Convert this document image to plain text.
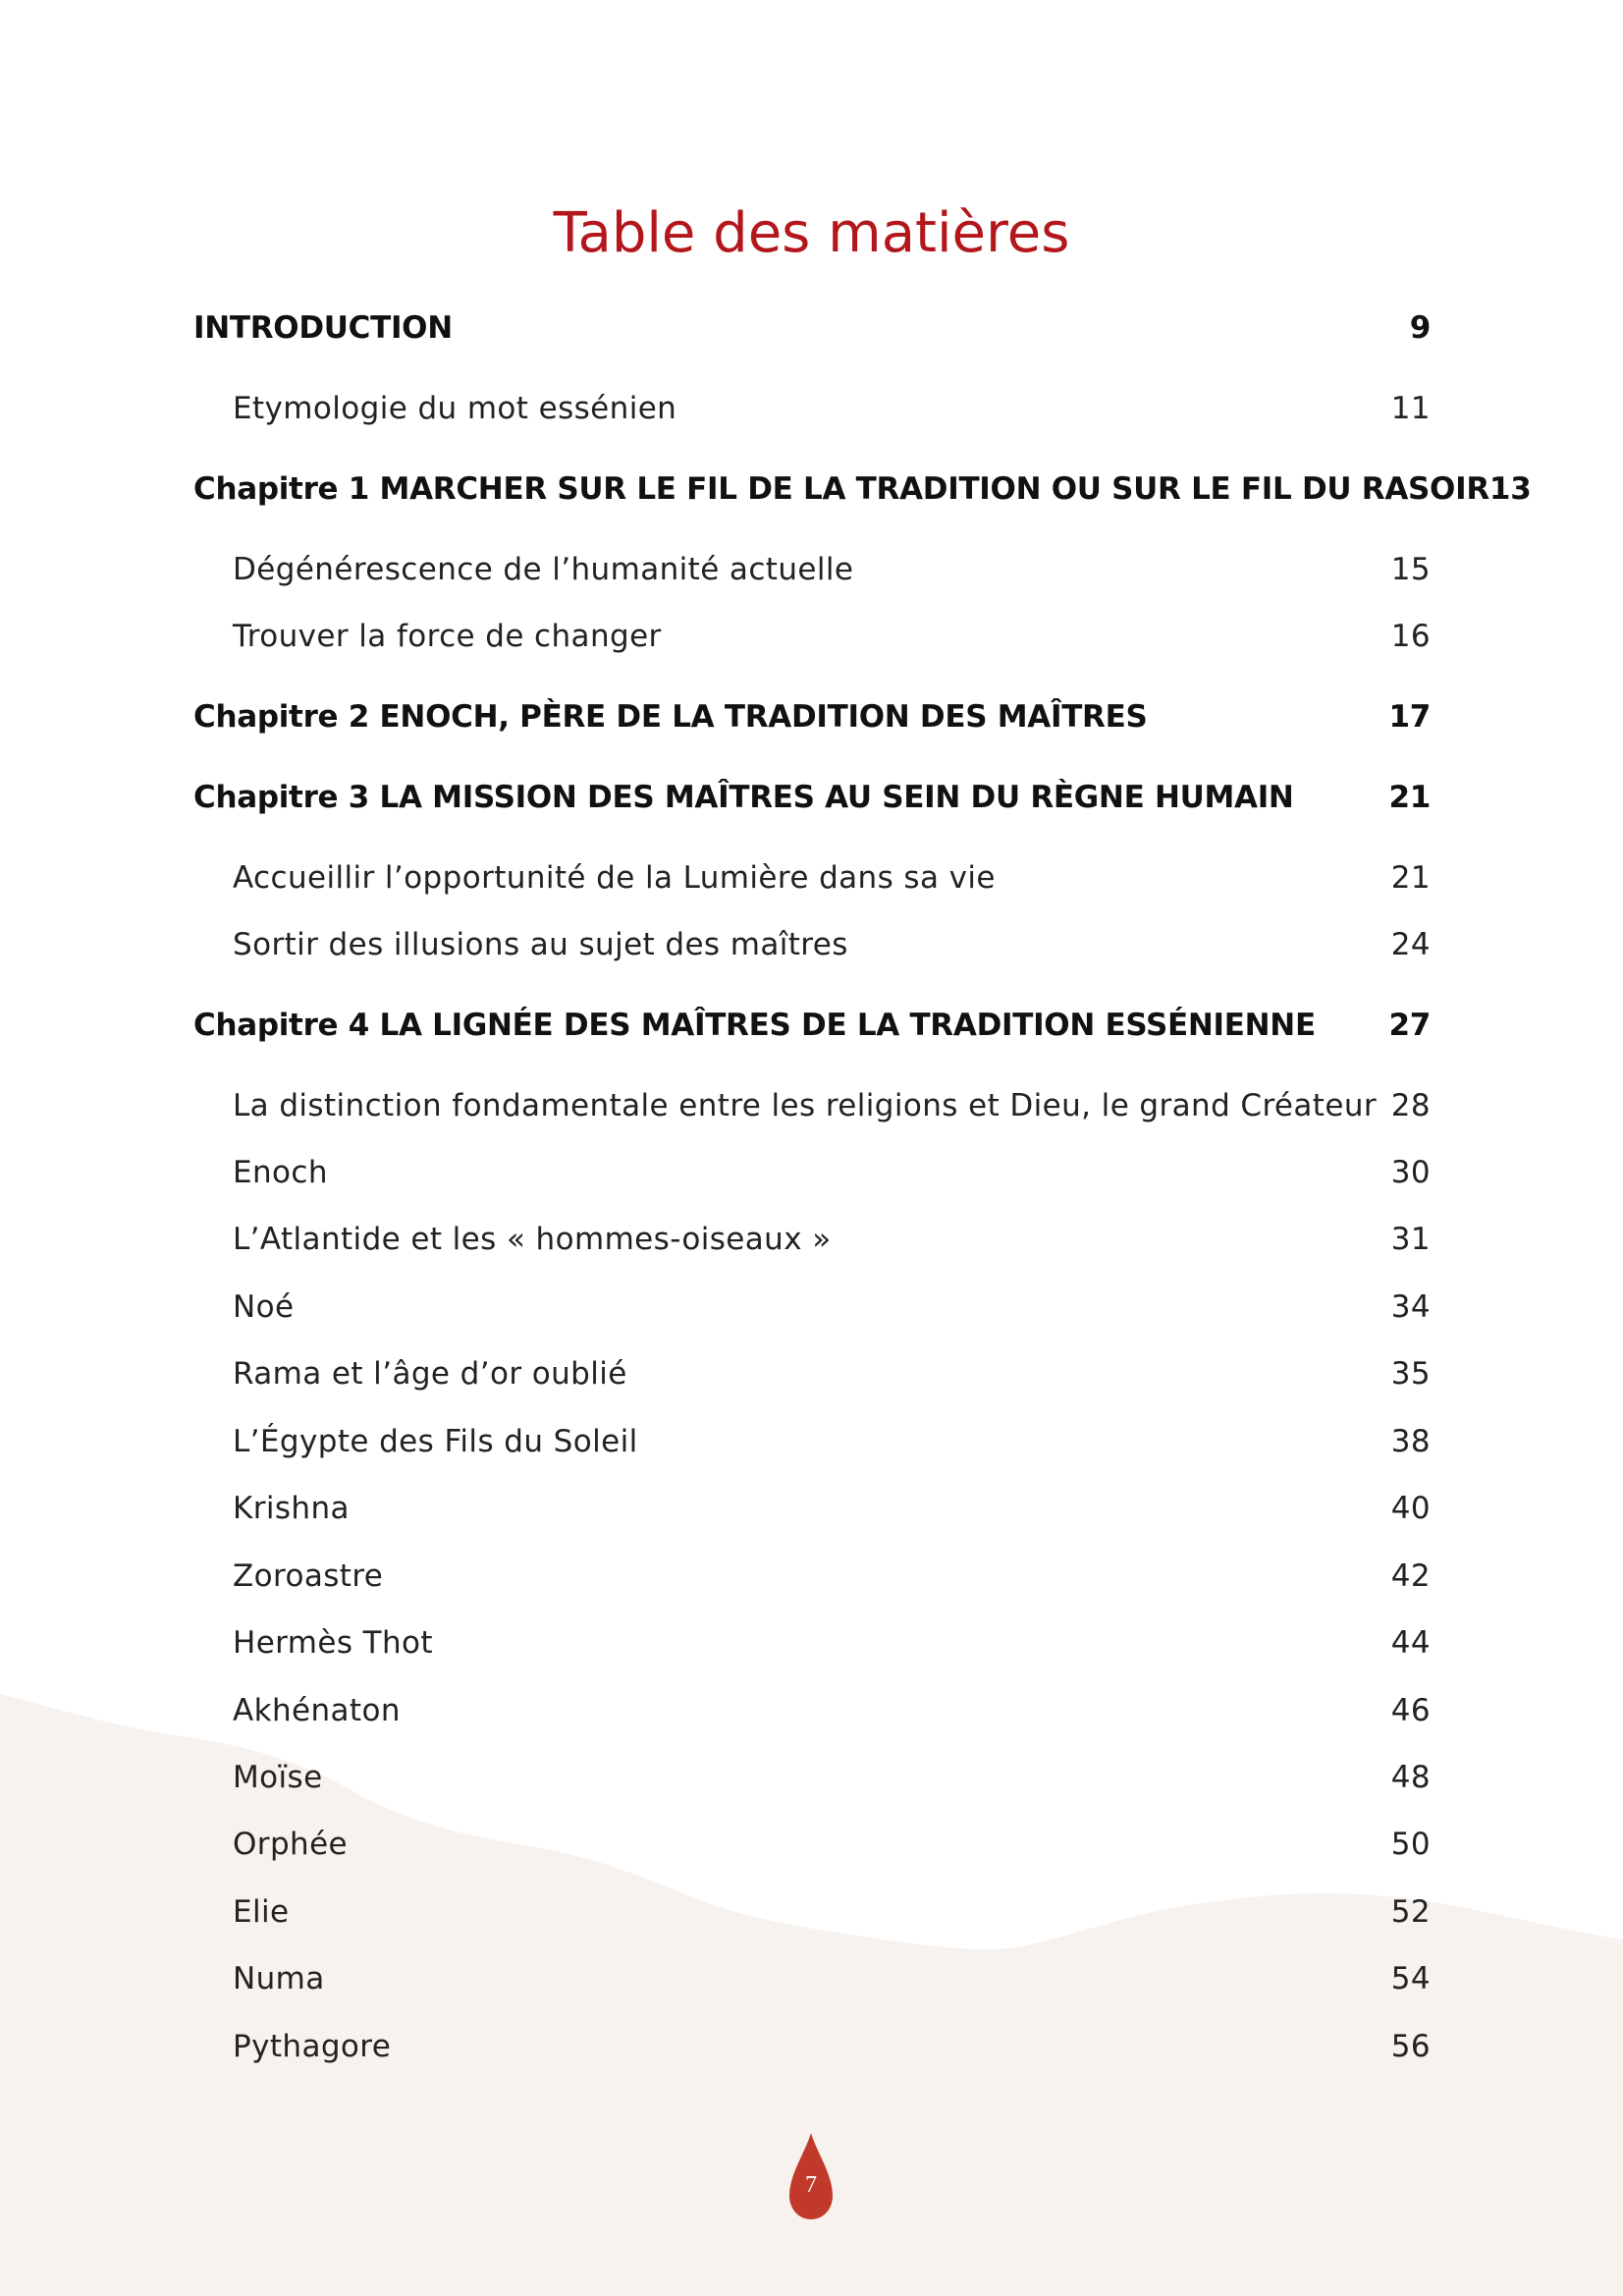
Table des matières
INTRODUCTION	9
Etymologie du mot essénien	11
Chapitre 1 MARCHER SUR LE FIL DE LA TRADITION OU SUR LE FIL DU RASOIR 13
Dégénérescence de l’humanité actuelle	15
Trouver la force de changer	16
Chapitre 2 ENOCH, PÈRE DE LA TRADITION DES MAÎTRES	17
Chapitre 3 LA MISSION DES MAÎTRES AU SEIN DU RÈGNE HUMAIN	21
Accueillir l’opportunité de la Lumière dans sa vie	21
Sortir des illusions au sujet des maîtres	24
Chapitre 4 LA LIGNÉE DES MAÎTRES DE LA TRADITION ESSÉNIENNE 27
La distinction fondamentale entre les religions et Dieu, le grand Créateur 28
Enoch	30
L’Atlantide et les « hommes-oiseaux »	31
Noé	34
Rama et l’âge d’or oublié	35
L’Égypte des Fils du Soleil	38
Krishna	40
Zoroastre	42
Hermès Thot	44
Akhénaton	46
Moïse	48
Orphée	50
Elie	52
Numa	54
Pythagore	56
7
